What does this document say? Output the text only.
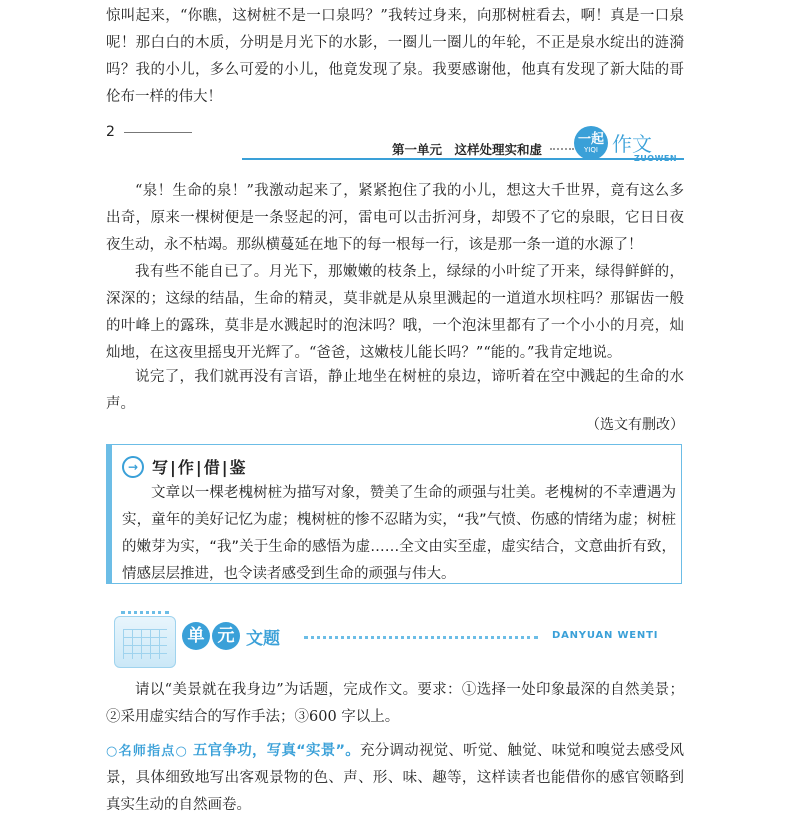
惊叫起来，“你瞧，这树桩不是一口泉吗？”我转过身来，向那树桩看去，啊！真是一口泉呢！那白白的木质，分明是月光下的水影，一圈儿一圈儿的年轮，不正是泉水绽出的涟漪吗？我的小儿，多么可爱的小儿，他竟发现了泉。我要感谢他，他真有发现了新大陆的哥伦布一样的伟大！

2
第一单元　这样处理实和虚
一起
YIQI 作文
ZUOWEN

“泉！生命的泉！”我激动起来了，紧紧抱住了我的小儿，想这大千世界，竟有这么多出奇，原来一棵树便是一条竖起的河，雷电可以击折河身，却毁不了它的泉眼，它日日夜夜生动，永不枯竭。那纵横蔓延在地下的每一根每一行，该是那一条一道的水源了！

我有些不能自已了。月光下，那嫩嫩的枝条上，绿绿的小叶绽了开来，绿得鲜鲜的，深深的；这绿的结晶，生命的精灵，莫非就是从泉里溅起的一道道水坝柱吗？那锯齿一般的叶峰上的露珠，莫非是水溅起时的泡沫吗？哦，一个泡沫里都有了一个小小的月亮，灿灿地，在这夜里摇曳开光辉了。“爸爸，这嫩枝儿能长吗？”“能的。”我肯定地说。

说完了，我们就再没有言语，静止地坐在树桩的泉边，谛听着在空中溅起的生命的水声。

（选文有删改）
→ 写|作|借|鉴

文章以一棵老槐树桩为描写对象，赞美了生命的顽强与壮美。老槐树的不幸遭遇为实，童年的美好记忆为虚；槐树桩的惨不忍睹为实，“我”气愤、伤感的情绪为虚；树桩的嫩芽为实，“我”关于生命的感悟为虚……全文由实至虚，虚实结合，文意曲折有致，情感层层推进，也令读者感受到生命的顽强与伟大。

单 元 文题	DANYUAN WENTI

请以“美景就在我身边”为话题，完成作文。要求：①选择一处印象最深的自然美景；②采用虚实结合的写作手法；③600 字以上。

○名师指点○ 五官争功，写真“实景”。充分调动视觉、听觉、触觉、味觉和嗅觉去感受风景，具体细致地写出客观景物的色、声、形、味、趣等，这样读者也能借你的感官领略到真实生动的自然画卷。
